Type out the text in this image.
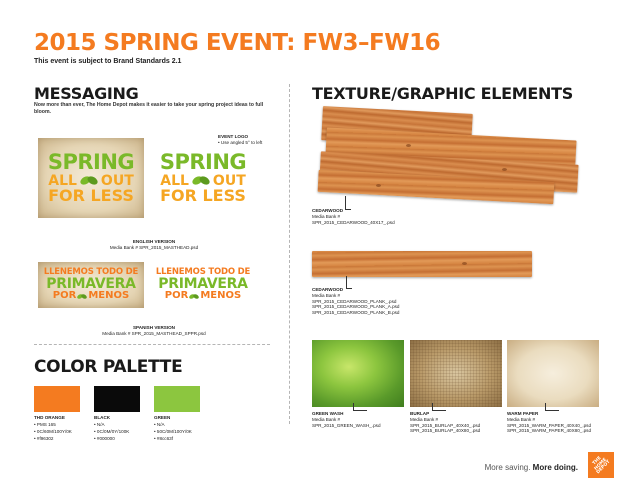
2015 SPRING EVENT: FW3–FW16
This event is subject to Brand Standards 2.1
MESSAGING
Now more than ever, The Home Depot makes it easier to take your spring project ideas to full bloom.
EVENT LOGO
• Use angled 5° to left
SPRING
ALL OUT
FOR LESS
SPRING
ALL OUT
FOR LESS
ENGLISH VERSION
Media Bank # SPR_2015_MASTHEAD.psd
LLENEMOS TODO DE
PRIMAVERA
POR MENOS
LLENEMOS TODO DE
PRIMAVERA
POR MENOS
SPANISH VERSION
Media Bank # SPR_2015_MASTHEAD_SPPR.psd
COLOR PALETTE
THD ORANGE
• PMS 165
• 0C/60M/100Y/0K
• #f96302
BLACK
• N/A
• 0C/0M/0Y/100K
• #000000
GREEN
• N/A
• 50C/0M/100Y/0K
• #8cc63f
TEXTURE/GRAPHIC ELEMENTS
CEDARWOOD
Media Bank #
SPR_2015_CEDARWOOD_40X17_.psd
CEDARWOOD
Media Bank #
SPR_2015_CEDARWOOD_PLANK_.psd
SPR_2015_CEDARWOOD_PLANK_A.psd
SPR_2015_CEDARWOOD_PLANK_B.psd
GREEN WASH
Media Bank #
SPR_2015_GREEN_WASH_.psd
BURLAP
Media Bank #
SPR_2015_BURLAP_40X40_.psd
SPR_2015_BURLAP_40X80_.psd
WARM PAPER
Media Bank #
SPR_2015_WARM_PAPER_40X40_.psd
SPR_2015_WARM_PAPER_40X80_.psd
More saving. More doing.
THE HOME DEPOT
